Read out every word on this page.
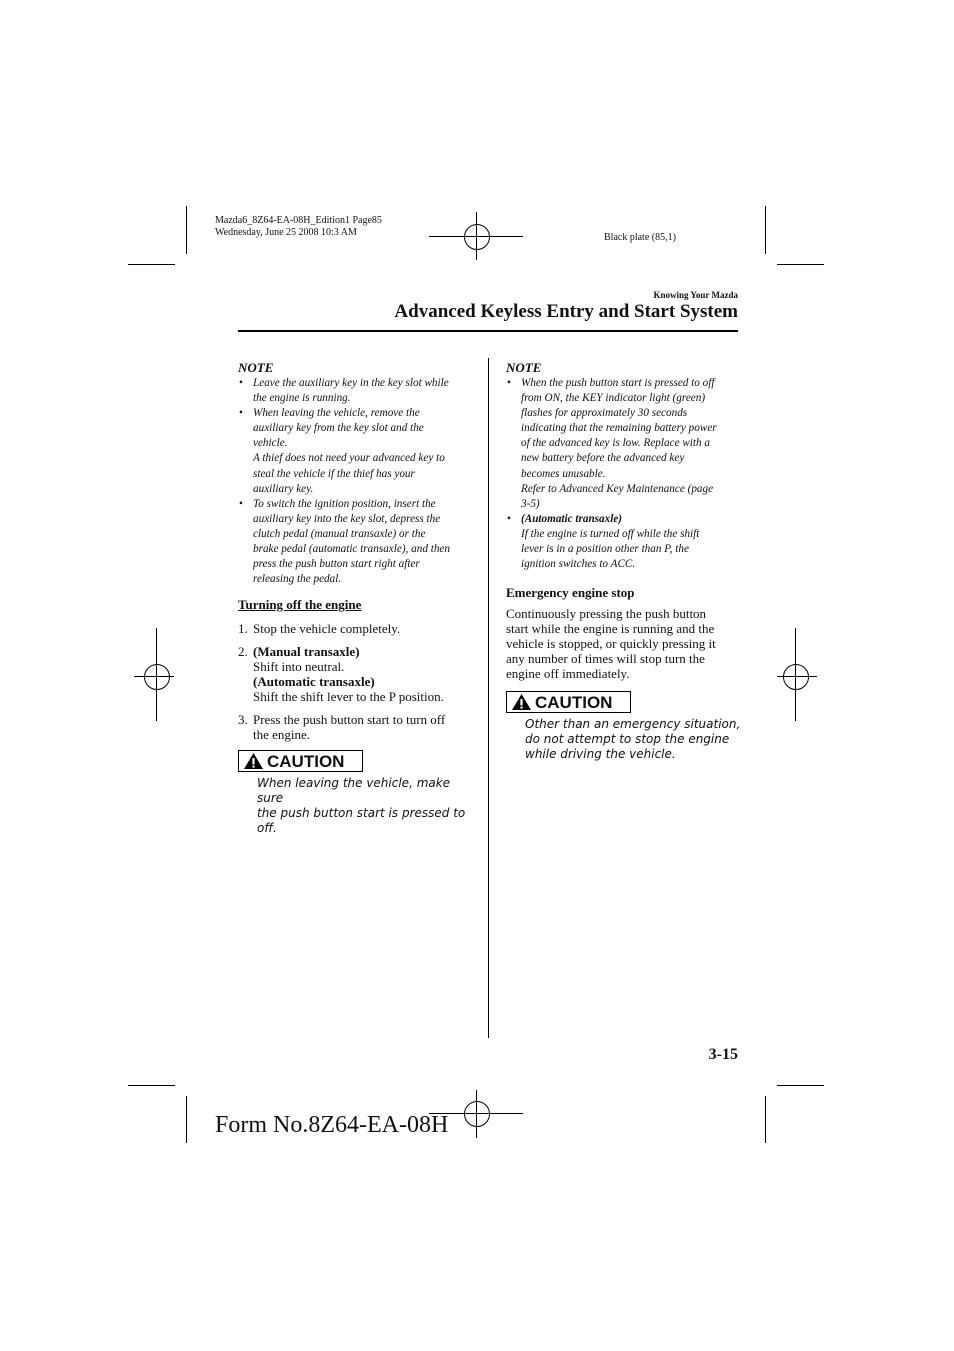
Mazda6_8Z64-EA-08H_Edition1 Page85
Wednesday, June 25 2008 10:3 AM	Black plate (85,1)
Knowing Your Mazda
Advanced Keyless Entry and Start System
NOTE
• Leave the auxiliary key in the key slot while
the engine is running.
• When leaving the vehicle, remove the
auxiliary key from the key slot and the
vehicle.
A thief does not need your advanced key to
steal the vehicle if the thief has your
auxiliary key.
• To switch the ignition position, insert the
auxiliary key into the key slot, depress the
clutch pedal (manual transaxle) or the
brake pedal (automatic transaxle), and then
press the push button start right after
releasing the pedal.
Turning off the engine
1. Stop the vehicle completely.
2. (Manual transaxle)
Shift into neutral.
(Automatic transaxle)
Shift the shift lever to the P position.
3. Press the push button start to turn off
the engine.
CAUTION
When leaving the vehicle, make sure
the push button start is pressed to
off.
NOTE
• When the push button start is pressed to off
from ON, the KEY indicator light (green)
flashes for approximately 30 seconds
indicating that the remaining battery power
of the advanced key is low. Replace with a
new battery before the advanced key
becomes unusable.
Refer to Advanced Key Maintenance (page
3-5)
• (Automatic transaxle)
If the engine is turned off while the shift
lever is in a position other than P, the
ignition switches to ACC.
Emergency engine stop
Continuously pressing the push button
start while the engine is running and the
vehicle is stopped, or quickly pressing it
any number of times will stop turn the
engine off immediately.
CAUTION
Other than an emergency situation,
do not attempt to stop the engine
while driving the vehicle.
3-15
Form No.8Z64-EA-08H
